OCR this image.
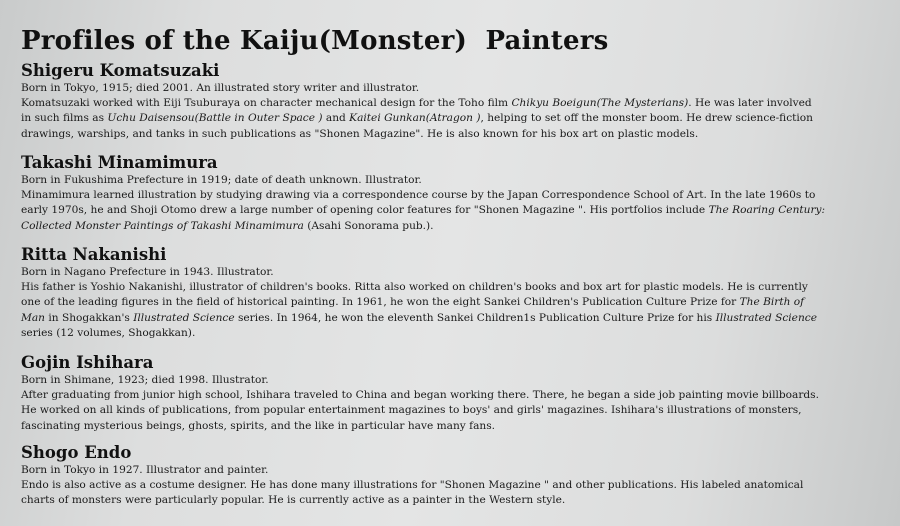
Profiles of the Kaiju(Monster)  Painters
Shigeru Komatsuzaki
Born in Tokyo, 1915; died 2001. An illustrated story writer and illustrator.
Komatsuzaki worked with Eiji Tsuburaya on character mechanical design for the Toho film Chikyu Boeigun(The Mysterians). He was later involved
in such films as Uchu Daisensou(Battle in Outer Space ) and Kaitei Gunkan(Atragon ), helping to set off the monster boom. He drew science-fiction
drawings, warships, and tanks in such publications as "Shonen Magazine". He is also known for his box art on plastic models.
Takashi Minamimura
Born in Fukushima Prefecture in 1919; date of death unknown. Illustrator.
Minamimura learned illustration by studying drawing via a correspondence course by the Japan Correspondence School of Art. In the late 1960s to
early 1970s, he and Shoji Otomo drew a large number of opening color features for "Shonen Magazine ". His portfolios include The Roaring Century:
Collected Monster Paintings of Takashi Minamimura (Asahi Sonorama pub.).
Ritta Nakanishi
Born in Nagano Prefecture in 1943. Illustrator.
His father is Yoshio Nakanishi, illustrator of children's books. Ritta also worked on children's books and box art for plastic models. He is currently
one of the leading figures in the field of historical painting. In 1961, he won the eight Sankei Children's Publication Culture Prize for The Birth of
Man in Shogakkan's Illustrated Science series. In 1964, he won the eleventh Sankei Children1s Publication Culture Prize for his Illustrated Science
series (12 volumes, Shogakkan).
Gojin Ishihara
Born in Shimane, 1923; died 1998. Illustrator.
After graduating from junior high school, Ishihara traveled to China and began working there. There, he began a side job painting movie billboards.
He worked on all kinds of publications, from popular entertainment magazines to boys' and girls' magazines. Ishihara's illustrations of monsters,
fascinating mysterious beings, ghosts, spirits, and the like in particular have many fans.
Shogo Endo
Born in Tokyo in 1927. Illustrator and painter.
Endo is also active as a costume designer. He has done many illustrations for "Shonen Magazine " and other publications. His labeled anatomical
charts of monsters were particularly popular. He is currently active as a painter in the Western style.
